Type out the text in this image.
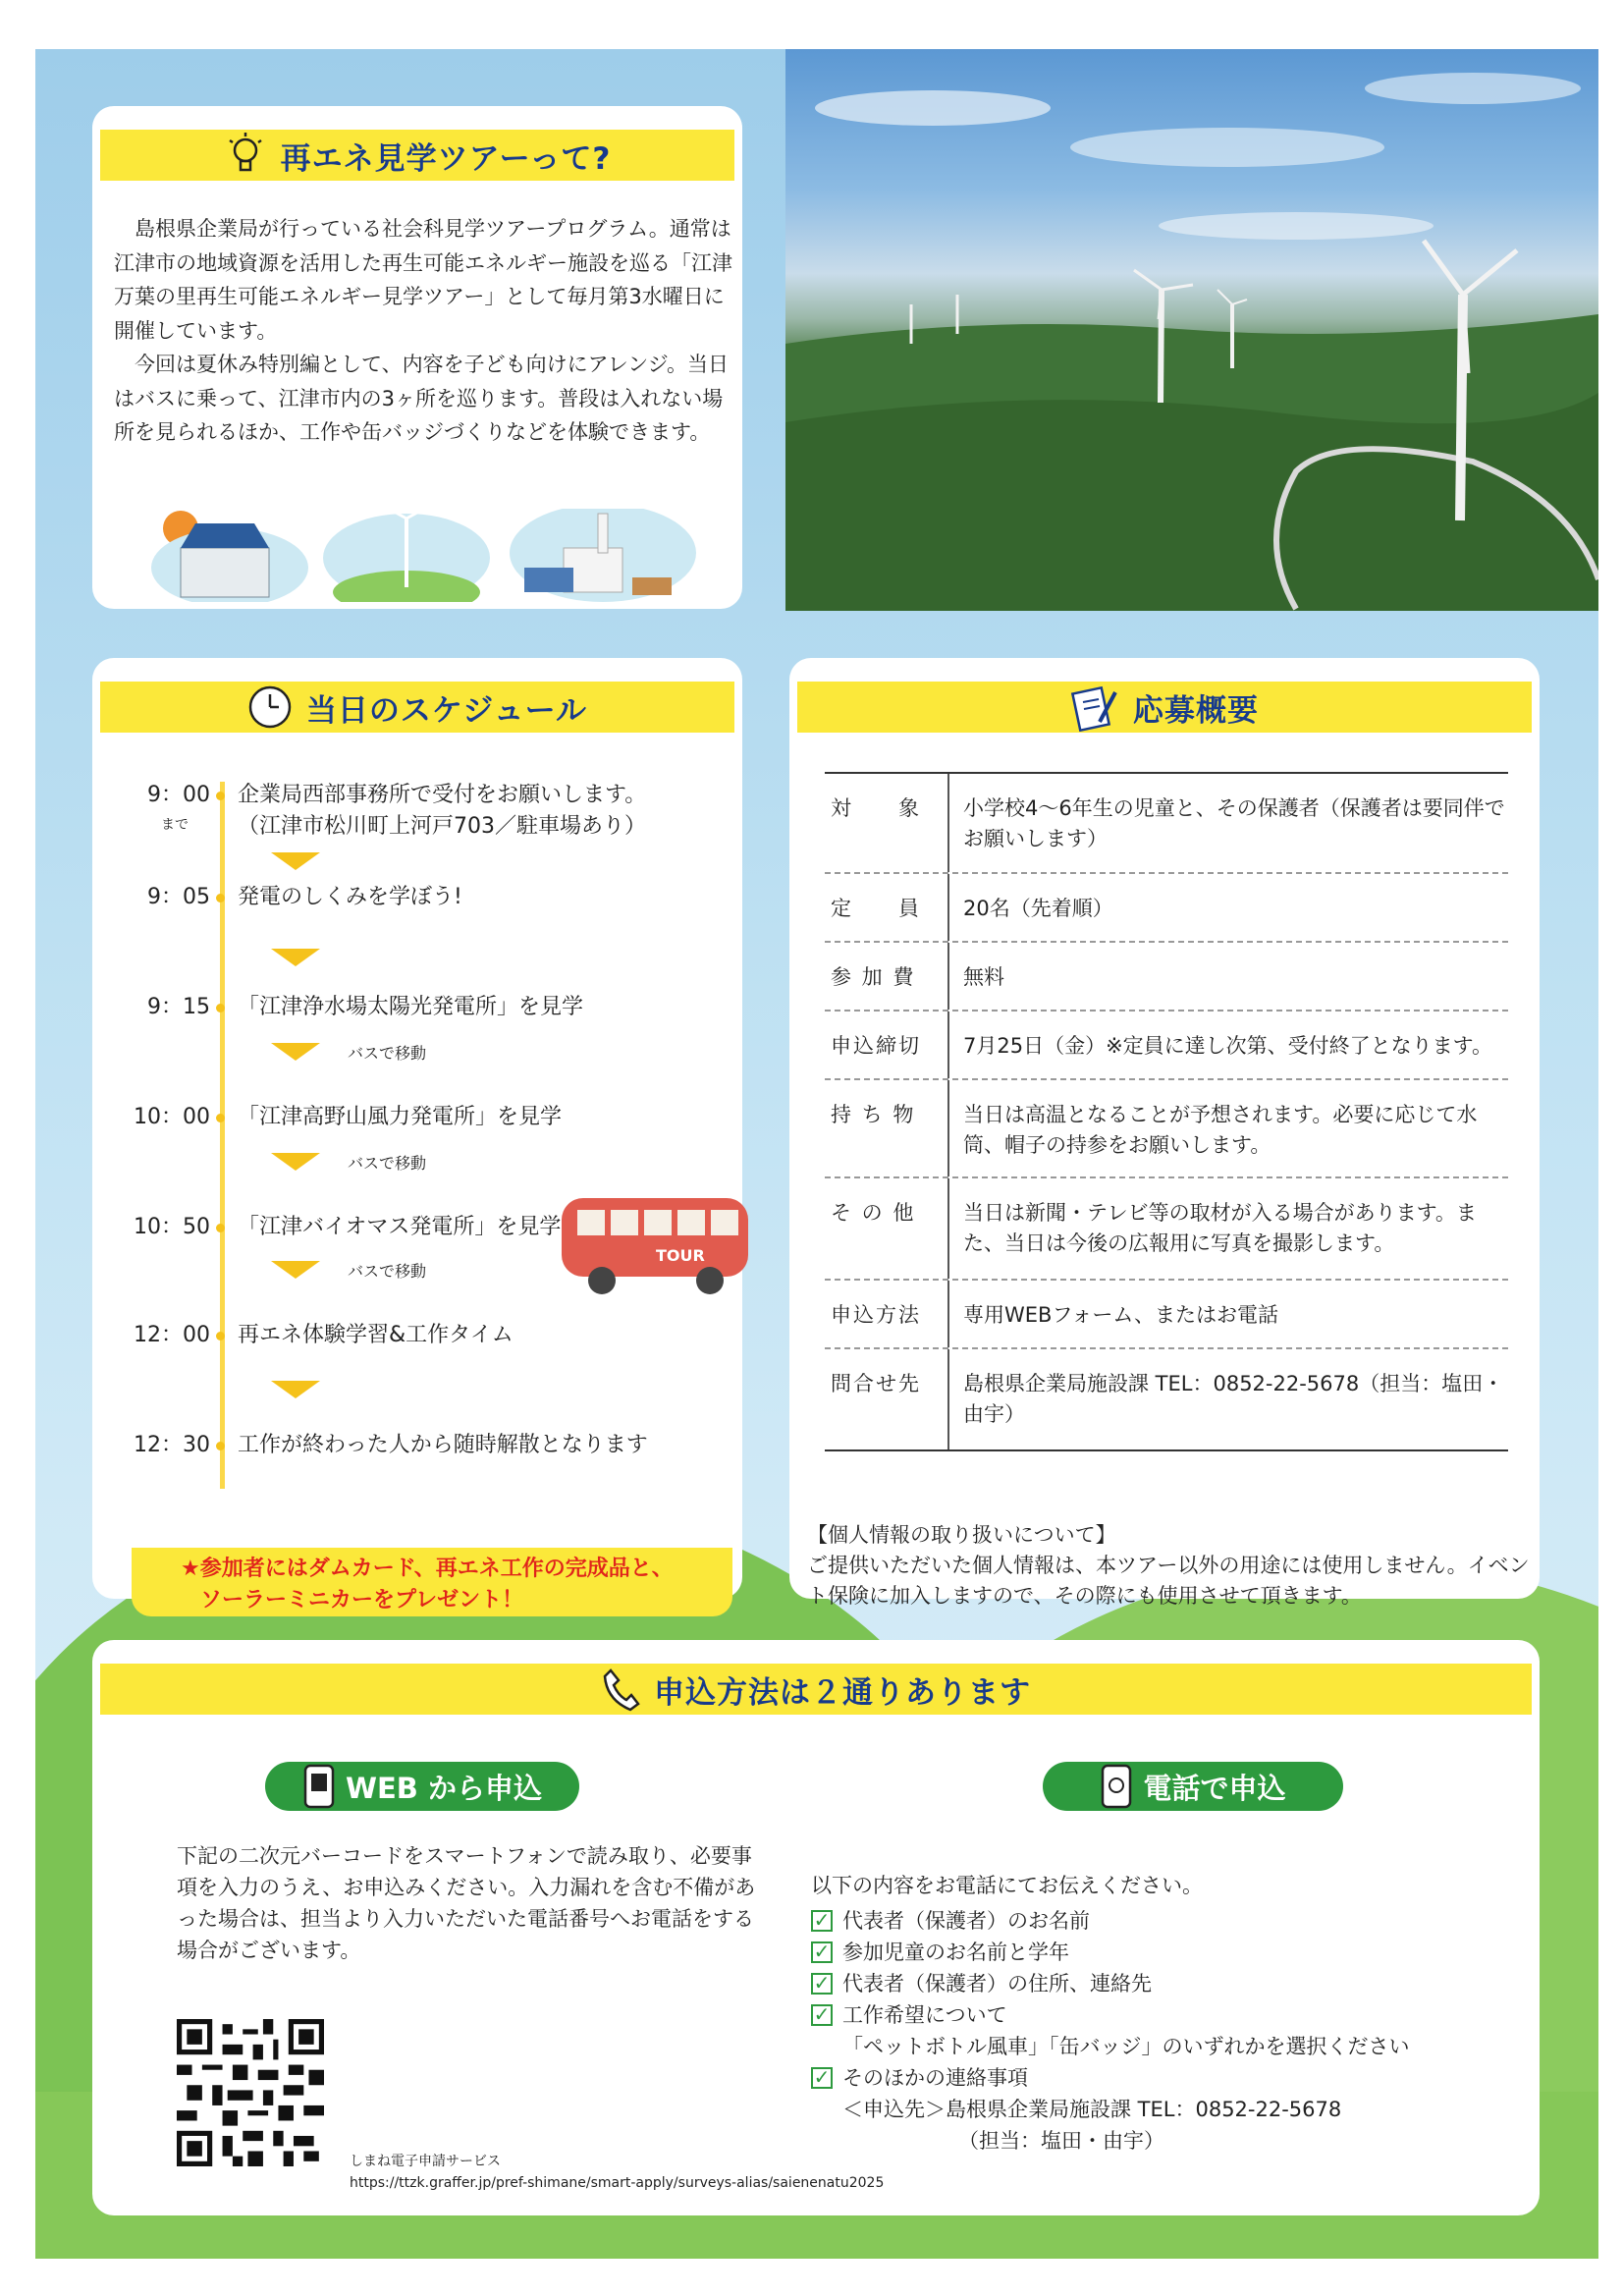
再エネ見学ツアーって?

島根県企業局が行っている社会科見学ツアープログラム。通常は江津市の地域資源を活用した再生可能エネルギー施設を巡る「江津万葉の里再生可能エネルギー見学ツアー」として毎月第3水曜日に開催しています。

今回は夏休み特別編として、内容を子ども向けにアレンジ。当日はバスに乗って、江津市内の3ヶ所を巡ります。普段は入れない場所を見られるほか、工作や缶バッジづくりなどを体験できます。

当日のスケジュール
9：00
まで
企業局西部事務所で受付をお願いします。
（江津市松川町上河戸703／駐車場あり）
9：05 発電のしくみを学ぼう!
9：15 「江津浄水場太陽光発電所」を見学
バスで移動
10：00 「江津高野山風力発電所」を見学
バスで移動
10：50 「江津バイオマス発電所」を見学
バスで移動
12：00 再エネ体験学習&工作タイム
12：30 工作が終わった人から随時解散となります
TOUR
★参加者にはダムカード、再エネ工作の完成品と、
ソーラーミニカーをプレゼント！
応募概要
対　　象	小学校4～6年生の児童と、その保護者（保護者は要同伴でお願いします）
定　　員	20名（先着順）
参 加 費	無料
申込締切	7月25日（金）※定員に達し次第、受付終了となります。
持 ち 物	当日は高温となることが予想されます。必要に応じて水筒、帽子の持参をお願いします。
そ の 他	当日は新聞・テレビ等の取材が入る場合があります。また、当日は今後の広報用に写真を撮影します。
申込方法	専用WEBフォーム、またはお電話
問合せ先	島根県企業局施設課 TEL：0852-22-5678（担当：塩田・由宇）
【個人情報の取り扱いについて】
ご提供いただいた個人情報は、本ツアー以外の用途には使用しません。イベント保険に加入しますので、その際にも使用させて頂きます。
申込方法は２通りあります
WEB から申込	電話で申込
下記の二次元バーコードをスマートフォンで読み取り、必要事項を入力のうえ、お申込みください。入力漏れを含む不備があった場合は、担当より入力いただいた電話番号へお電話をする場合がございます。
しまね電子申請サービス
https://ttzk.graffer.jp/pref-shimane/smart-apply/surveys-alias/saienenatu2025
以下の内容をお電話にてお伝えください。
✓ 代表者（保護者）のお名前
✓ 参加児童のお名前と学年
✓ 代表者（保護者）の住所、連絡先
✓ 工作希望について
「ペットボトル風車」「缶バッジ」のいずれかを選択ください
✓ そのほかの連絡事項
＜申込先＞島根県企業局施設課 TEL：0852-22-5678
（担当：塩田・由宇）
